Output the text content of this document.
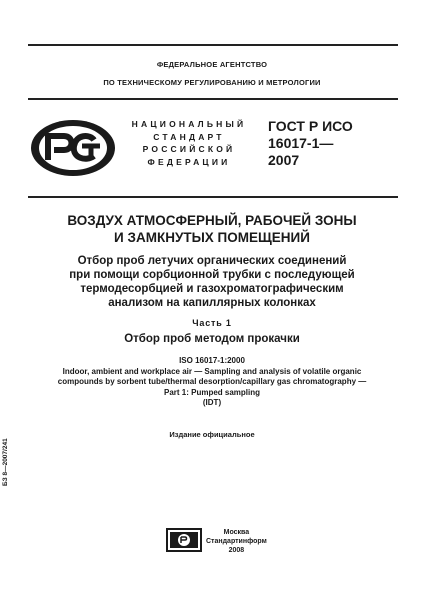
ФЕДЕРАЛЬНОЕ АГЕНТСТВО
ПО ТЕХНИЧЕСКОМУ РЕГУЛИРОВАНИЮ И МЕТРОЛОГИИ
НАЦИОНАЛЬНЫЙ
СТАНДАРТ
РОССИЙСКОЙ
ФЕДЕРАЦИИ
ГОСТ Р ИСО
16017-1—
2007
ВОЗДУХ АТМОСФЕРНЫЙ, РАБОЧЕЙ ЗОНЫ
И ЗАМКНУТЫХ ПОМЕЩЕНИЙ
Отбор проб летучих органических соединений
при помощи сорбционной трубки с последующей
термодесорбцией и газохроматографическим
анализом на капиллярных колонках
Часть 1
Отбор проб методом прокачки
ISO 16017-1:2000
Indoor, ambient and workplace air — Sampling and analysis of volatile organic
compounds by sorbent tube/thermal desorption/capillary gas chromatography —
Part 1: Pumped sampling
(IDT)
Издание официальное
БЗ 8—2007/241
Москва
Стандартинформ
2008
